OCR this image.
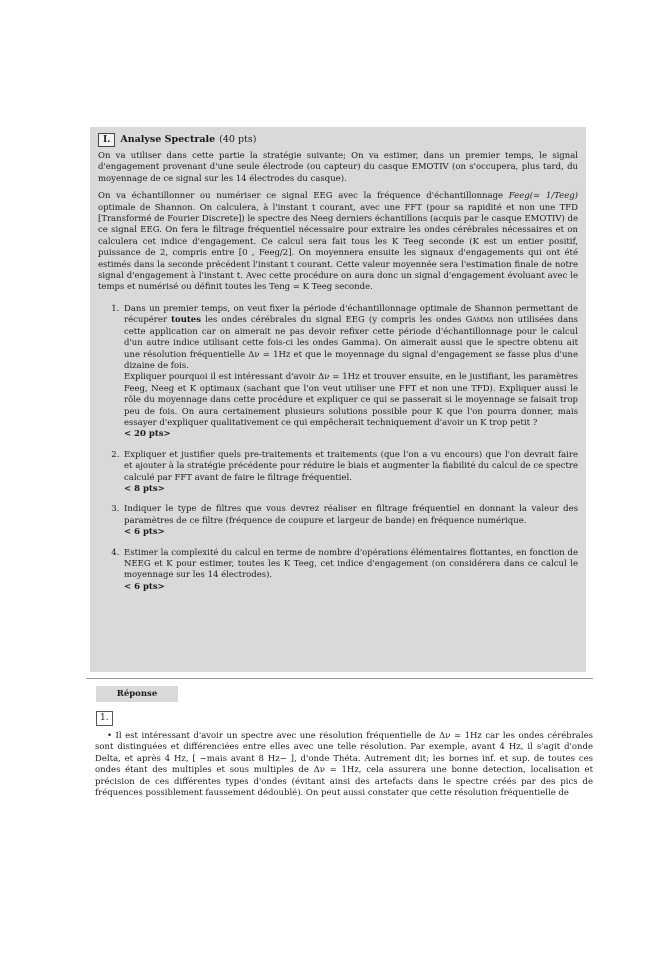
I.	Analyse Spectrale (40 pts)

On va utiliser dans cette partie la stratégie suivante; On va estimer, dans un premier temps, le signal d'engagement provenant d'une seule électrode (ou capteur) du casque EMOTIV (on s'occupera, plus tard, du moyennage de ce signal sur les 14 électrodes du casque).

On va échantillonner ou numériser ce signal EEG avec la fréquence d'échantillonnage Feeg(= 1/Teeg) optimale de Shannon. On calculera, à l'instant t courant, avec une FFT (pour sa rapidité et non une TFD [Transformé de Fourier Discrete]) le spectre des Neeg derniers échantillons (acquis par le casque EMOTIV) de ce signal EEG. On fera le filtrage fréquentiel nécessaire pour extraire les ondes cérébrales nécessaires et on calculera cet indice d'engagement. Ce calcul sera fait tous les K Teeg seconde (K est un entier positif, puissance de 2, compris entre [0 , Feeg/2]. On moyennera ensuite les signaux d'engagements qui ont été estimés dans la seconde précédent l'instant t courant. Cette valeur moyennée sera l'estimation finale de notre signal d'engagement à l'instant t. Avec cette procédure on aura donc un signal d'engagement évoluant avec le temps et numérisé ou définit toutes les Teng = K Teeg seconde.

1. Dans un premier temps, on veut fixer la période d'échantillonnage optimale de Shannon permettant de récupérer toutes les ondes cérébrales du signal EEG (y compris les ondes Gamma non utilisées dans cette application car on aimerait ne pas devoir refixer cette période d'échantillonnage pour le calcul d'un autre indice utilisant cette fois-ci les ondes Gamma). On aimerait aussi que le spectre obtenu ait une résolution fréquentielle Δν = 1Hz et que le moyennage du signal d'engagement se fasse plus d'une dizaine de fois.
Expliquer pourquoi il est intéressant d'avoir Δν = 1Hz et trouver ensuite, en le justifiant, les paramètres Feeg, Neeg et K optimaux (sachant que l'on veut utiliser une FFT et non une TFD). Expliquer aussi le rôle du moyennage dans cette procédure et expliquer ce qui se passerait si le moyennage se faisait trop peu de fois. On aura certainement plusieurs solutions possible pour K que l'on pourra donner, mais essayer d'expliquer qualitativement ce qui empêcherait techniquement d'avoir un K trop petit ?
< 20 pts>
2. Expliquer et justifier quels pre-traitements et traitements (que l'on a vu encours) que l'on devrait faire et ajouter à la stratégie précédente pour réduire le biais et augmenter la fiabilité du calcul de ce spectre calculé par FFT avant de faire le filtrage fréquentiel.
< 8 pts>
3. Indiquer le type de filtres que vous devrez réaliser en filtrage fréquentiel en donnant la valeur des paramètres de ce filtre (fréquence de coupure et largeur de bande) en fréquence numérique.
< 6 pts>
4. Estimer la complexité du calcul en terme de nombre d'opérations élémentaires flottantes, en fonction de NEEG et K pour estimer, toutes les K Teeg, cet indice d'engagement (on considérera dans ce calcul le moyennage sur les 14 électrodes).
< 6 pts>
Réponse
1.

• Il est intéressant d'avoir un spectre avec une résolution fréquentielle de Δν = 1Hz car les ondes cérébrales sont distinguées et différenciées entre elles avec une telle résolution. Par exemple, avant 4 Hz, il s'agit d'onde Delta, et après 4 Hz, [ −mais avant 8 Hz− ], d'onde Théta. Autrement dit; les bornes inf. et sup. de toutes ces ondes étant des multiples et sous multiples de Δν = 1Hz, cela assurera une bonne detection, localisation et précision de ces différentes types d'ondes (évitant ainsi des artefacts dans le spectre créés par des pics de fréquences possiblement faussement dédoublé). On peut aussi constater que cette résolution fréquentielle de
